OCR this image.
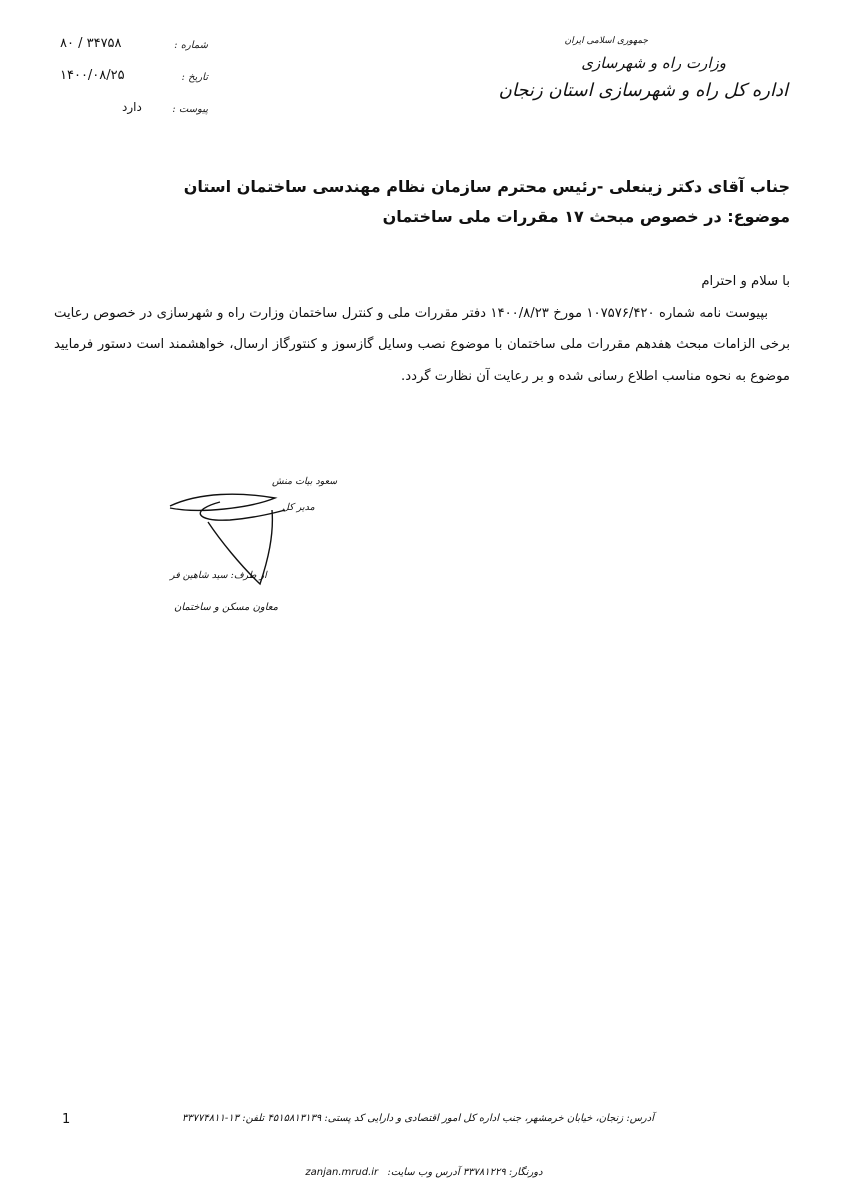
جمهوری اسلامی ایران
وزارت راه و شهرسازی
اداره کل راه و شهرسازی استان زنجان
۸۰ / ۳۴۷۵۸	شماره :
۱۴۰۰/۰۸/۲۵	تاریخ :
دارد	پیوست :
جناب آقای دکتر زینعلی -رئیس محترم سازمان نظام مهندسی ساختمان استان
موضوع: در خصوص مبحث ۱۷ مقررات ملی ساختمان
با سلام و احترام
بپیوست نامه شماره ۱۰۷۵۷۶/۴۲۰ مورخ ۱۴۰۰/۸/۲۳ دفتر مقررات ملی و کنترل ساختمان وزارت راه و شهرسازی در خصوص رعایت برخی الزامات مبحث هفدهم مقررات ملی ساختمان با موضوع نصب وسایل گازسوز و کنتورگاز ارسال، خواهشمند است دستور فرمایید موضوع به نحوه مناسب اطلاع رسانی شده و بر رعایت آن نظارت گردد.
سعود بیات منش
مدیر کل
از طرف: سید شاهین فر
معاون مسکن و ساختمان
1	آدرس: زنجان، خیابان خرمشهر، جنب اداره کل امور اقتصادی و دارایی کد پستی: ۴۵۱۵۸۱۳۱۳۹ تلفن: ۱۳-۳۳۷۷۴۸۱۱
zanjan.mrud.ir دورنگار: ۳۳۷۸۱۲۲۹ آدرس وب سایت:
